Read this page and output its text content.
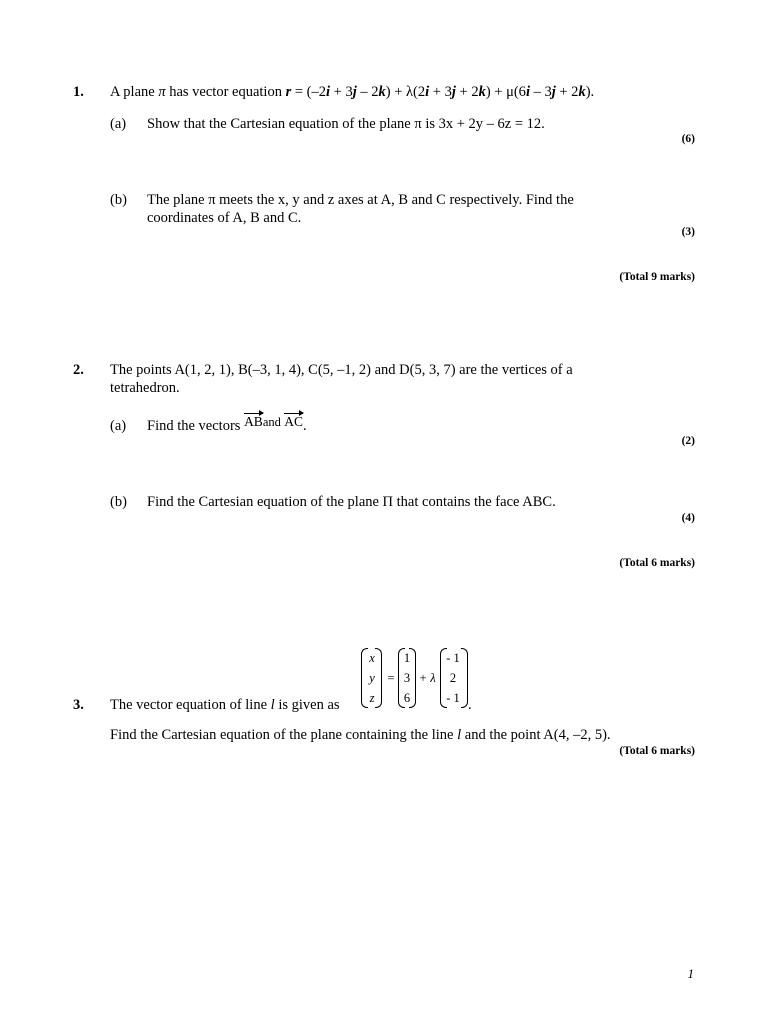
1. A plane π has vector equation r = (–2i + 3j – 2k) + λ(2i + 3j + 2k) + μ(6i – 3j + 2k).
(a) Show that the Cartesian equation of the plane π is 3x + 2y – 6z = 12.
(6)
(b) The plane π meets the x, y and z axes at A, B and C respectively. Find the
coordinates of A, B and C.
(3)
(Total 9 marks)
2. The points A(1, 2, 1), B(–3, 1, 4), C(5, –1, 2) and D(5, 3, 7) are the vertices of a
tetrahedron.
(a) Find the vectors ABand AC.
(2)
(b) Find the Cartesian equation of the plane Π that contains the face ABC.
(4)
(Total 6 marks)
3. The vector equation of line l is given as
x
y
z
=
1
3
6
+ λ
- 1
2
- 1 .
Find the Cartesian equation of the plane containing the line l and the point A(4, –2, 5).
(Total 6 marks)
1
